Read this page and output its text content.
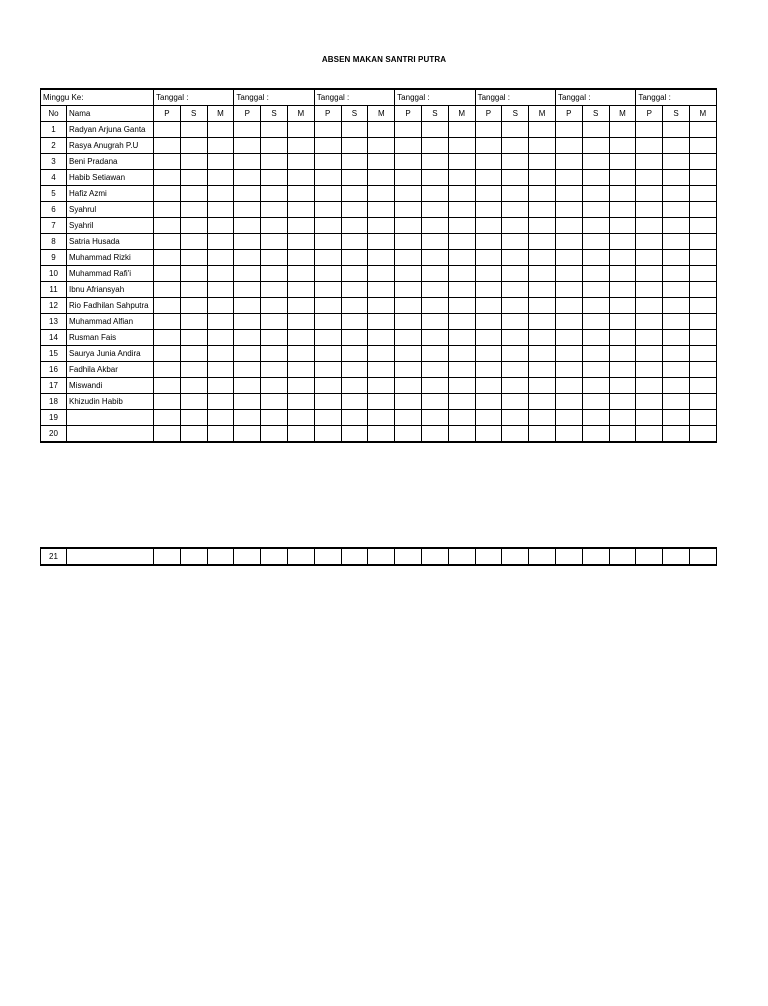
ABSEN MAKAN SANTRI PUTRA
Minggu Ke:		Tanggal :			Tanggal :			Tanggal :			Tanggal :			Tanggal :			Tanggal :			Tanggal :		
No	Nama	P	S	M	P	S	M	P	S	M	P	S	M	P	S	M	P	S	M	P	S	M
1	Radyan Arjuna Ganta																					
2	Rasya Anugrah P.U																					
3	Beni Pradana																					
4	Habib Setiawan																					
5	Hafiz Azmi																					
6	Syahrul																					
7	Syahril																					
8	Satria Husada																					
9	Muhammad Rizki																					
10	Muhammad Rafi'i																					
11	Ibnu Afriansyah																					
12	Rio Fadhilan Sahputra																					
13	Muhammad Alfian																					
14	Rusman Fais																					
15	Saurya Junia Andira																					
16	Fadhila Akbar																					
17	Miswandi																					
18	Khizudin Habib																					
19																						
20																						
21																						
